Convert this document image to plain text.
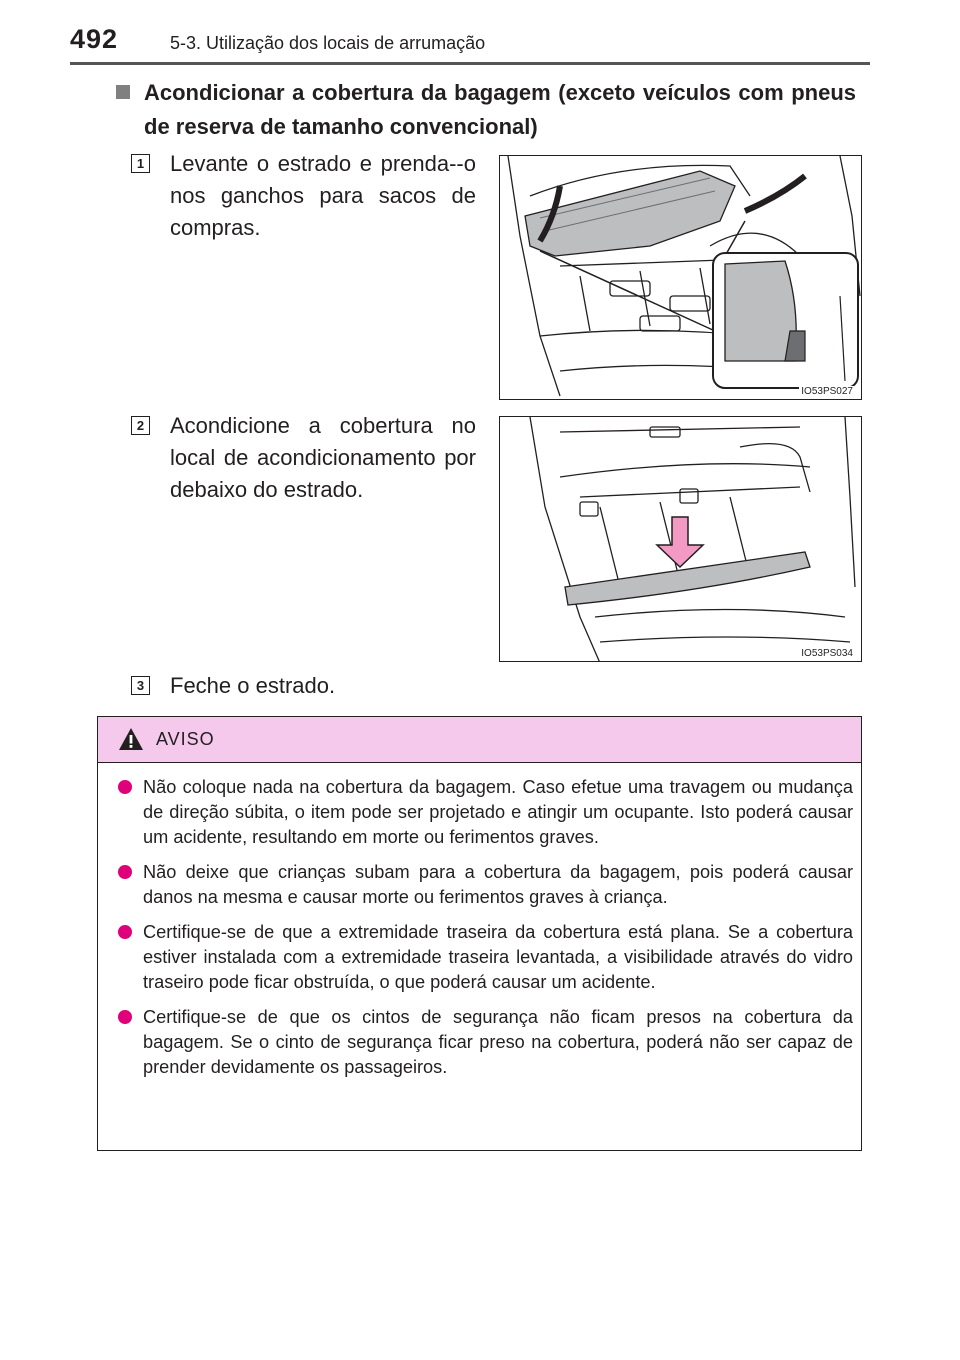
492	5-3. Utilização dos locais de arrumação
Acondicionar a cobertura da bagagem (exceto veículos com pneus de reserva de tamanho convencional)
1 Levante o estrado e prenda--o nos ganchos para sacos de compras.
IO53PS027
2 Acondicione a cobertura no local de acondicionamento por debaixo do estrado.
IO53PS034
3 Feche o estrado.
AVISO
Não coloque nada na cobertura da bagagem. Caso efetue uma travagem ou mudança de direção súbita, o item pode ser projetado e atingir um ocupante. Isto poderá causar um acidente, resultando em morte ou ferimentos graves.
Não deixe que crianças subam para a cobertura da bagagem, pois poderá causar danos na mesma e causar morte ou ferimentos graves à criança.
Certifique-se de que a extremidade traseira da cobertura está plana. Se a cobertura estiver instalada com a extremidade traseira levantada, a visibilidade através do vidro traseiro pode ficar obstruída, o que poderá causar um acidente.
Certifique-se de que os cintos de segurança não ficam presos na cobertura da bagagem. Se o cinto de segurança ficar preso na cobertura, poderá não ser capaz de prender devidamente os passageiros.
